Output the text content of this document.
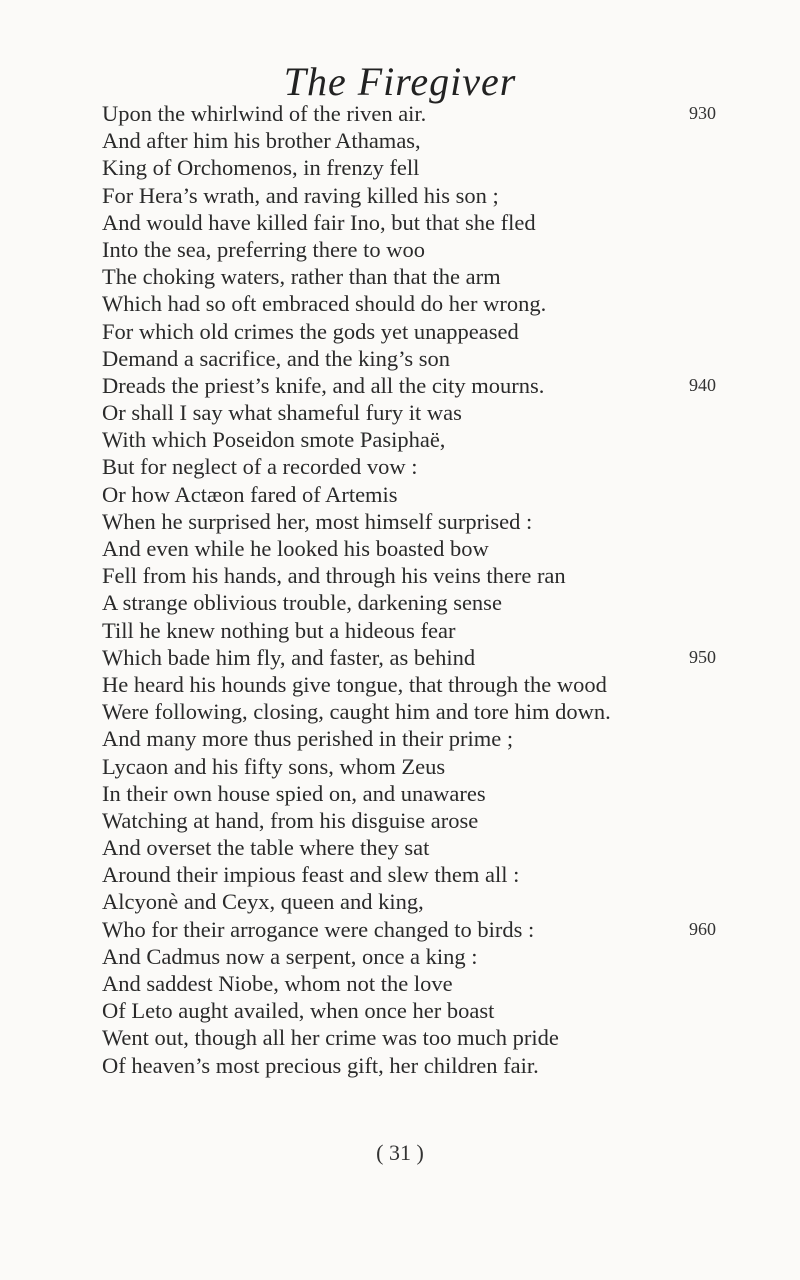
The Firegiver
Upon the whirlwind of the riven air.	930
And after him his brother Athamas,
King of Orchomenos, in frenzy fell
For Hera’s wrath, and raving killed his son ;
And would have killed fair Ino, but that she fled
Into the sea, preferring there to woo
The choking waters, rather than that the arm
Which had so oft embraced should do her wrong.
For which old crimes the gods yet unappeased
Demand a sacrifice, and the king’s son
Dreads the priest’s knife, and all the city mourns.	940
Or shall I say what shameful fury it was
With which Poseidon smote Pasiphaë,
But for neglect of a recorded vow :
Or how Actæon fared of Artemis
When he surprised her, most himself surprised :
And even while he looked his boasted bow
Fell from his hands, and through his veins there ran
A strange oblivious trouble, darkening sense
Till he knew nothing but a hideous fear
Which bade him fly, and faster, as behind	950
He heard his hounds give tongue, that through the wood
Were following, closing, caught him and tore him down.
And many more thus perished in their prime ;
Lycaon and his fifty sons, whom Zeus
In their own house spied on, and unawares
Watching at hand, from his disguise arose
And overset the table where they sat
Around their impious feast and slew them all :
Alcyonè and Ceyx, queen and king,
Who for their arrogance were changed to birds :	960
And Cadmus now a serpent, once a king :
And saddest Niobe, whom not the love
Of Leto aught availed, when once her boast
Went out, though all her crime was too much pride
Of heaven’s most precious gift, her children fair.
( 31 )
